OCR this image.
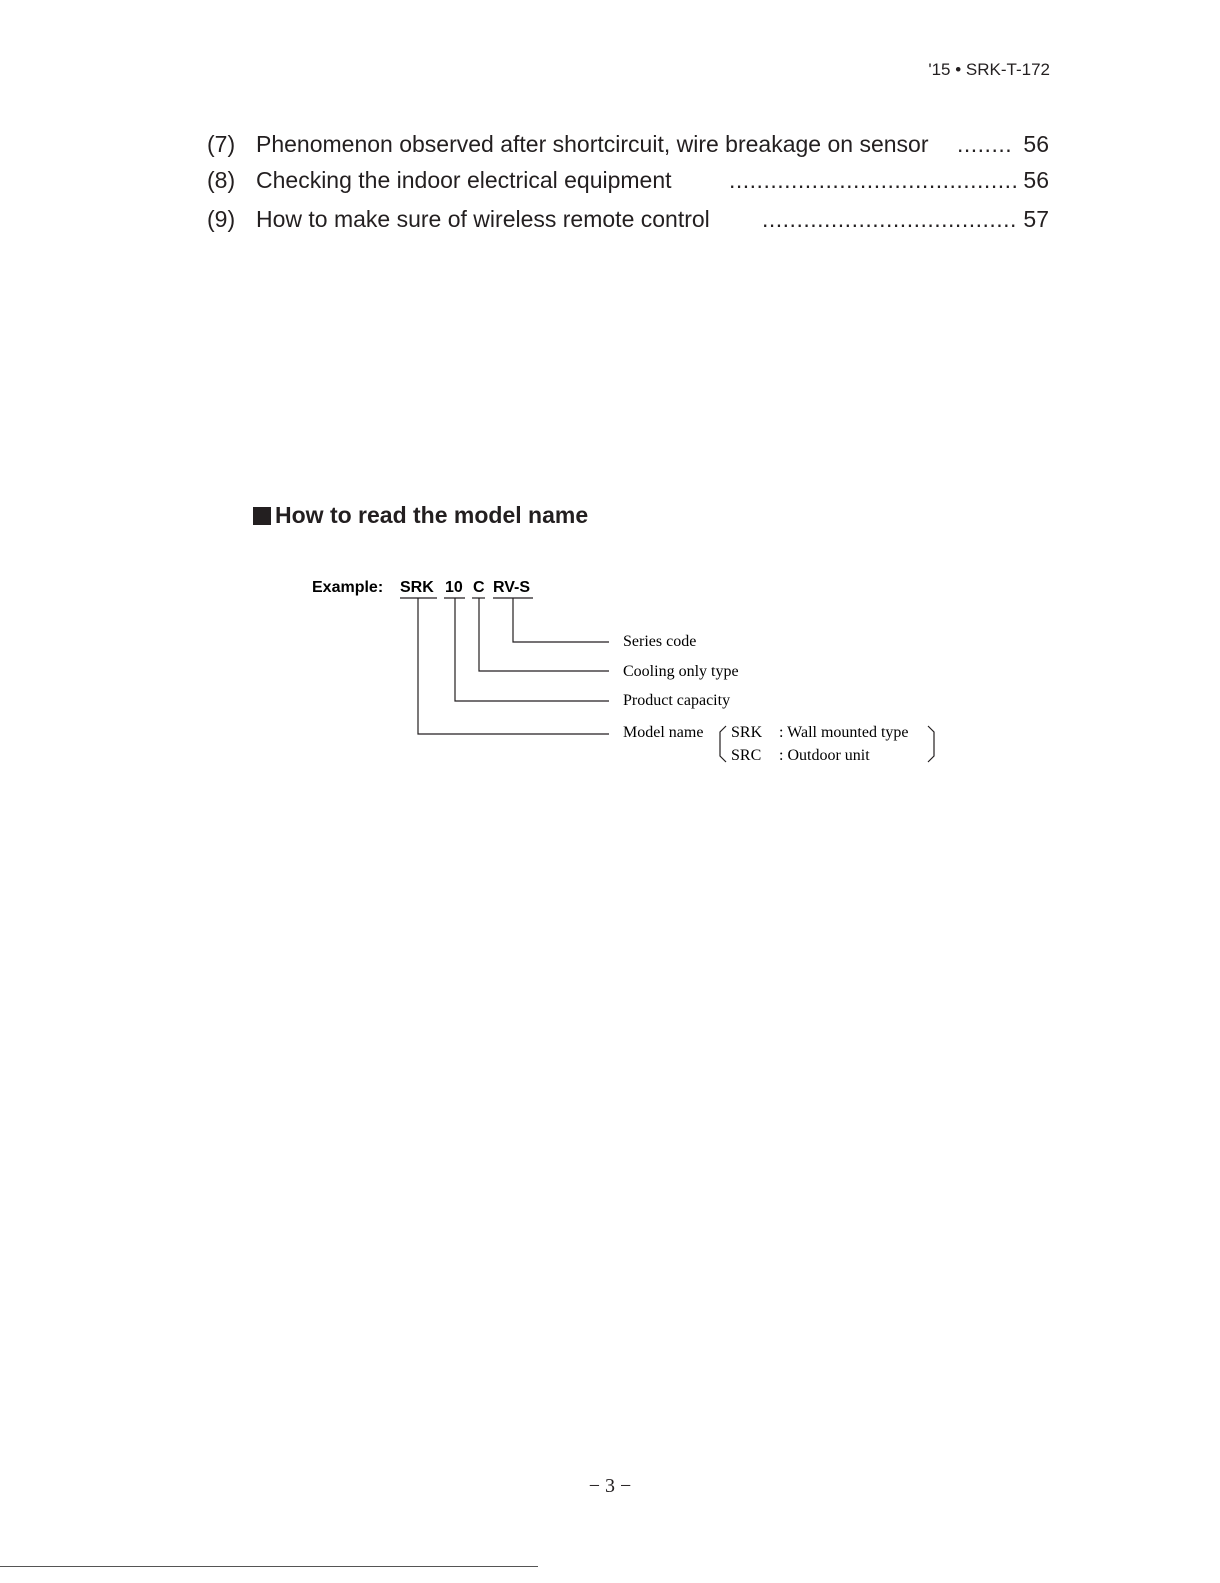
'15 • SRK-T-172
(7) Phenomenon observed after shortcircuit, wire breakage on sensor ........ 56
(8) Checking the indoor electrical equipment .......................................... 56
(9) How to make sure of wireless remote control ..................................... 57
How to read the model name
Example: SRK 10 C RV-S
Series code
Cooling only type
Product capacity
Model name SRK : Wall mounted type
SRC : Outdoor unit
− 3 −
